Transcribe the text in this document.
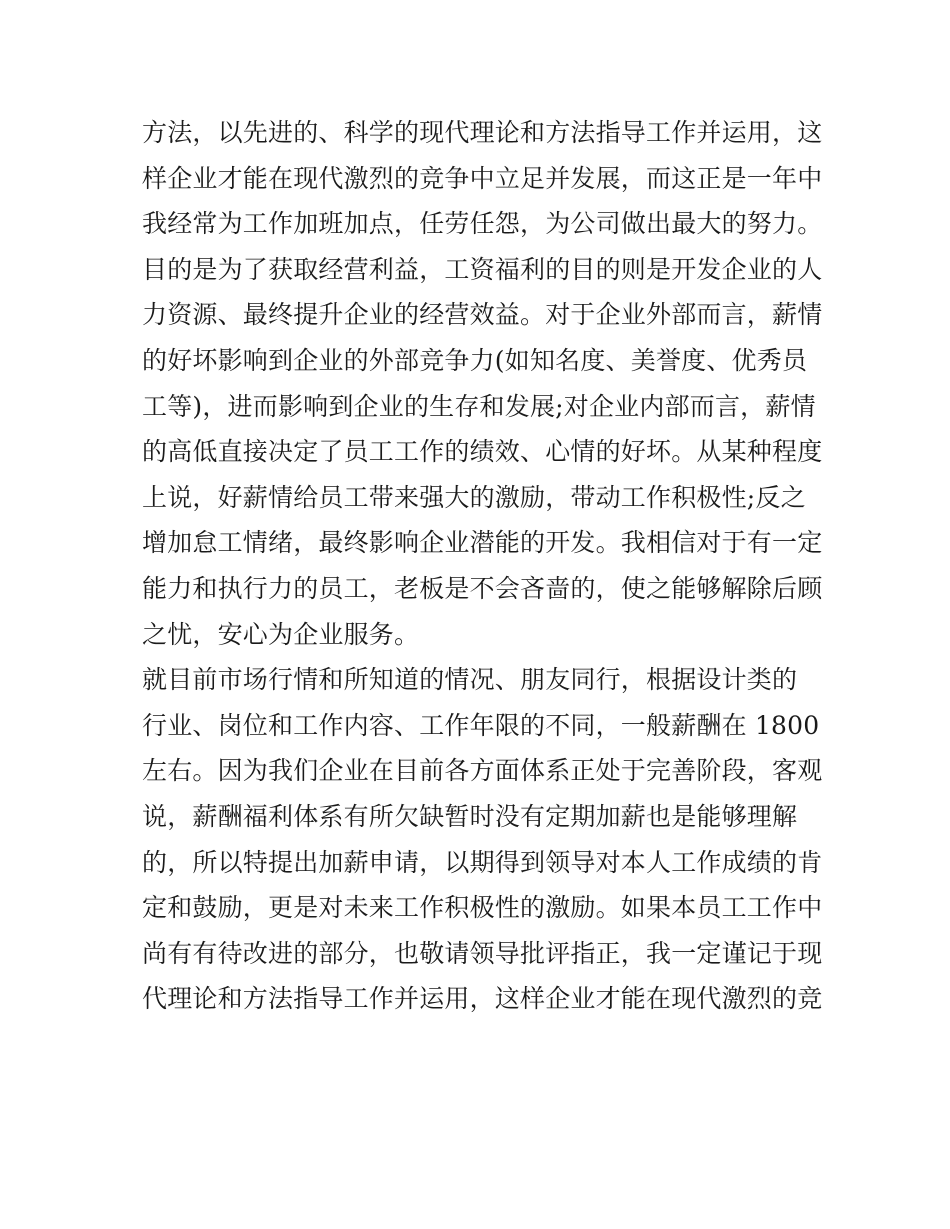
方法，以先进的、科学的现代理论和方法指导工作并运用，这
样企业才能在现代激烈的竞争中立足并发展，而这正是一年中
我经常为工作加班加点，任劳任怨，为公司做出最大的努力。
目的是为了获取经营利益，工资福利的目的则是开发企业的人
力资源、最终提升企业的经营效益。对于企业外部而言，薪情
的好坏影响到企业的外部竞争力(如知名度、美誉度、优秀员
工等)，进而影响到企业的生存和发展;对企业内部而言，薪情
的高低直接决定了员工工作的绩效、心情的好坏。从某种程度
上说，好薪情给员工带来强大的激励，带动工作积极性;反之
增加怠工情绪，最终影响企业潜能的开发。我相信对于有一定
能力和执行力的员工，老板是不会吝啬的，使之能够解除后顾
之忧，安心为企业服务。
就目前市场行情和所知道的情况、朋友同行，根据设计类的
行业、岗位和工作内容、工作年限的不同，一般薪酬在 1800
左右。因为我们企业在目前各方面体系正处于完善阶段，客观
说，薪酬福利体系有所欠缺暂时没有定期加薪也是能够理解
的，所以特提出加薪申请，以期得到领导对本人工作成绩的肯
定和鼓励，更是对未来工作积极性的激励。如果本员工工作中
尚有有待改进的部分，也敬请领导批评指正，我一定谨记于现
代理论和方法指导工作并运用，这样企业才能在现代激烈的竞
